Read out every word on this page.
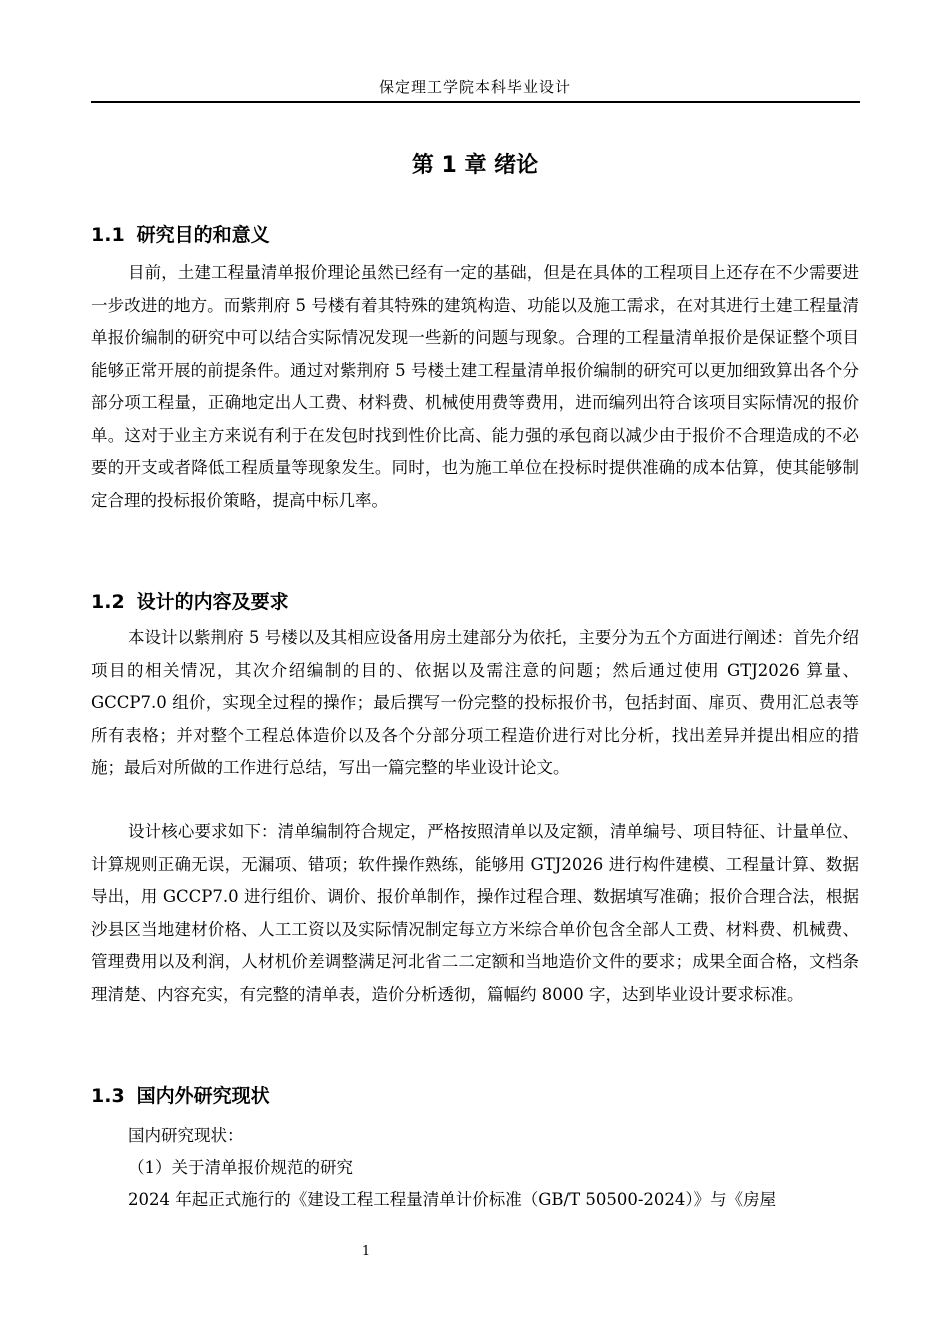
保定理工学院本科毕业设计
第 1 章 绪论
1.1 研究目的和意义

目前，土建工程量清单报价理论虽然已经有一定的基础，但是在具体的工程项目上还存在不少需要进一步改进的地方。而紫荆府 5 号楼有着其特殊的建筑构造、功能以及施工需求，在对其进行土建工程量清单报价编制的研究中可以结合实际情况发现一些新的问题与现象。合理的工程量清单报价是保证整个项目能够正常开展的前提条件。通过对紫荆府 5 号楼土建工程量清单报价编制的研究可以更加细致算出各个分部分项工程量，正确地定出人工费、材料费、机械使用费等费用，进而编列出符合该项目实际情况的报价单。这对于业主方来说有利于在发包时找到性价比高、能力强的承包商以减少由于报价不合理造成的不必要的开支或者降低工程质量等现象发生。同时，也为施工单位在投标时提供准确的成本估算，使其能够制定合理的投标报价策略，提高中标几率。

1.2 设计的内容及要求

本设计以紫荆府 5 号楼以及其相应设备用房土建部分为依托，主要分为五个方面进行阐述：首先介绍项目的相关情况，其次介绍编制的目的、依据以及需注意的问题；然后通过使用 GTJ2026 算量、GCCP7.0 组价，实现全过程的操作；最后撰写一份完整的投标报价书，包括封面、扉页、费用汇总表等所有表格；并对整个工程总体造价以及各个分部分项工程造价进行对比分析，找出差异并提出相应的措施；最后对所做的工作进行总结，写出一篇完整的毕业设计论文。

设计核心要求如下：清单编制符合规定，严格按照清单以及定额，清单编号、项目特征、计量单位、计算规则正确无误，无漏项、错项；软件操作熟练，能够用 GTJ2026 进行构件建模、工程量计算、数据导出，用 GCCP7.0 进行组价、调价、报价单制作，操作过程合理、数据填写准确；报价合理合法，根据沙县区当地建材价格、人工工资以及实际情况制定每立方米综合单价包含全部人工费、材料费、机械费、管理费用以及利润，人材机价差调整满足河北省二二定额和当地造价文件的要求；成果全面合格，文档条理清楚、内容充实，有完整的清单表，造价分析透彻，篇幅约 8000 字，达到毕业设计要求标准。

1.3 国内外研究现状

国内研究现状：

（1）关于清单报价规范的研究

2024 年起正式施行的《建设工程工程量清单计价标准（GB/T 50500-2024）》与《房屋

1
